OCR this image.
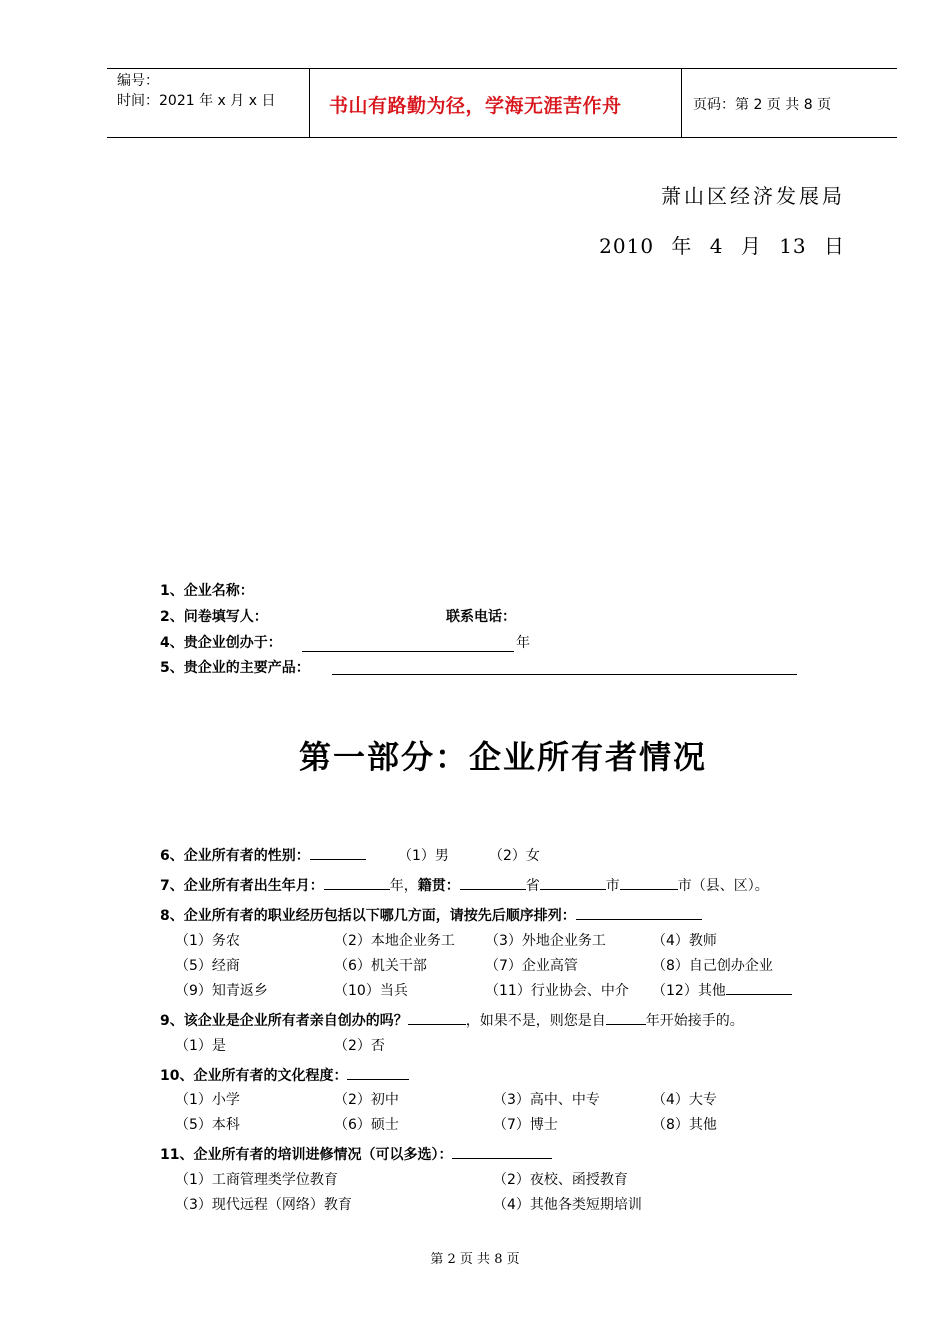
编号：
时间：2021 年 x 月 x 日	书山有路勤为径，学海无涯苦作舟	页码：第 2 页 共 8 页
萧山区经济发展局
2010 年 4 月 13 日
1、企业名称：
2、问卷填写人：	联系电话：
4、贵企业创办于：	年
5、贵企业的主要产品：
第一部分：企业所有者情况
6、企业所有者的性别：	（1）男	（2）女
7、企业所有者出生年月：	年，籍贯：	省	市	市（县、区）。
8、企业所有者的职业经历包括以下哪几方面，请按先后顺序排列：
（1）务农	（2）本地企业务工 （3）外地企业务工	（4）教师
（5）经商	（6）机关干部	（7）企业高管	（8）自己创办企业
（9）知青返乡	（10）当兵	（11）行业协会、中介 （12）其他
9、该企业是企业所有者亲自创办的吗？	，如果不是，则您是自	年开始接手的。
（1）是	（2）否
10、企业所有者的文化程度：
（1）小学	（2）初中	（3）高中、中专	（4）大专
（5）本科	（6）硕士	（7）博士	（8）其他
11、企业所有者的培训进修情况（可以多选）：
（1）工商管理类学位教育	（2）夜校、函授教育
（3）现代远程（网络）教育	（4）其他各类短期培训
第 2 页 共 8 页
